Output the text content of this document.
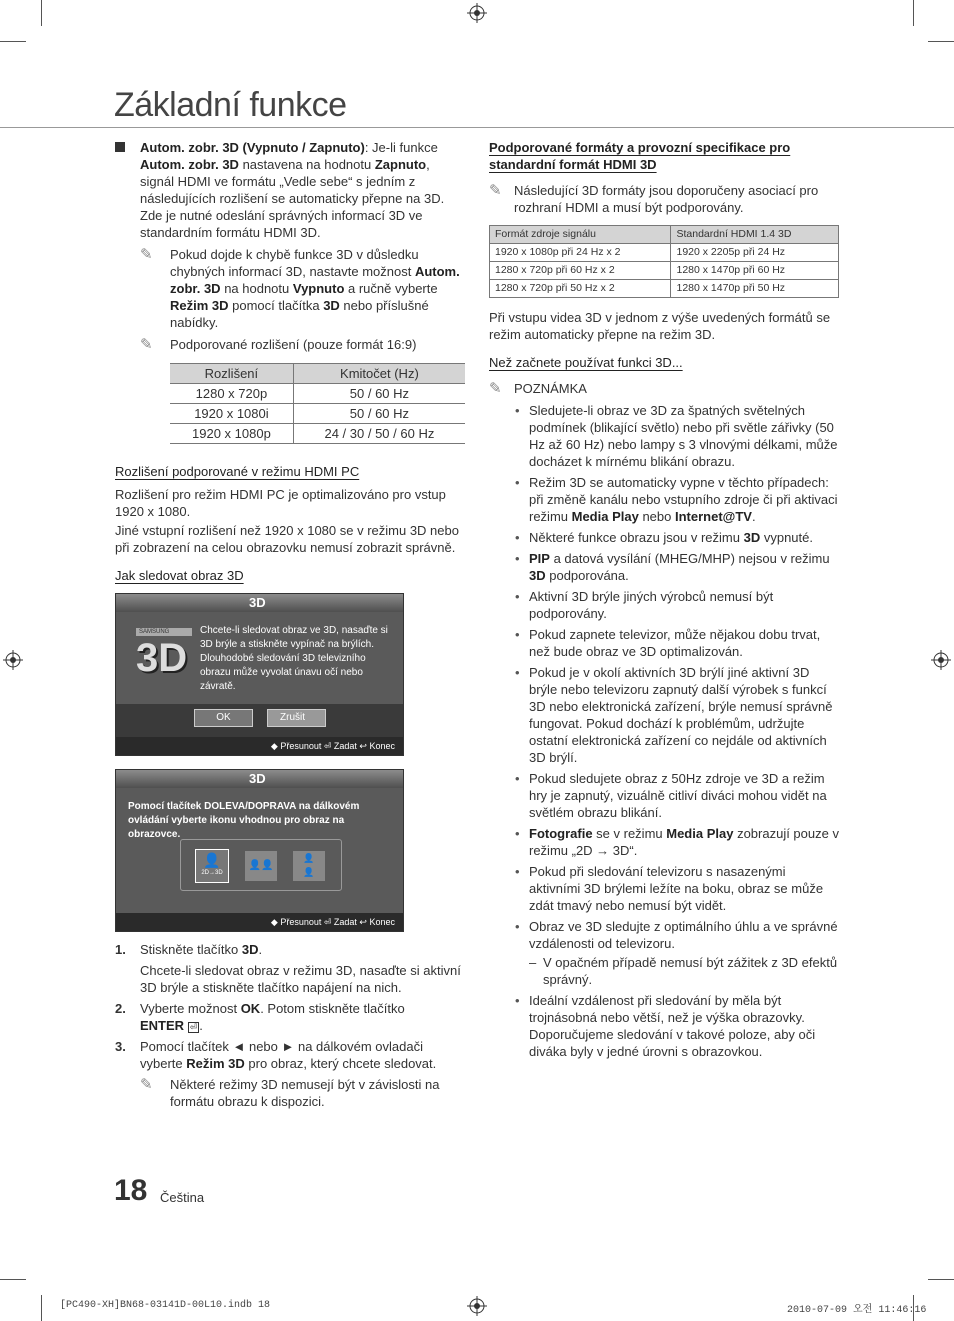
Základní funkce
Autom. zobr. 3D (Vypnuto / Zapnuto): Je-li funkce Autom. zobr. 3D nastavena na hodnotu Zapnuto, signál HDMI ve formátu „Vedle sebe“ s jedním z následujících rozlišení se automaticky přepne na 3D. Zde je nutné odeslání správných informací 3D ve standardním formátu HDMI 3D.
✎ Pokud dojde k chybě funkce 3D v důsledku chybných informací 3D, nastavte možnost Autom. zobr. 3D na hodnotu Vypnuto a ručně vyberte Režim 3D pomocí tlačítka 3D nebo příslušné nabídky.
✎ Podporované rozlišení (pouze formát 16:9)
Rozlišení	Kmitočet (Hz)
1280 x 720p	50 / 60 Hz
1920 x 1080i	50 / 60 Hz
1920 x 1080p	24 / 30 / 50 / 60 Hz

Rozlišení podporované v režimu HDMI PC

Rozlišení pro režim HDMI PC je optimalizováno pro vstup 1920 x 1080.

Jiné vstupní rozlišení než 1920 x 1080 se v režimu 3D nebo při zobrazení na celou obrazovku nemusí zobrazit správně.

Jak sledovat obraz 3D

3D
SAMSUNG
3D
Chcete-li sledovat obraz ve 3D, nasaďte si 3D brýle a stiskněte vypínač na brýlích. Dlouhodobé sledování 3D televizního obrazu může vyvolat únavu očí nebo závratě.
OK	Zrušit
◆ Přesunout ⏎ Zadat ↩ Konec
3D
Pomocí tlačítek DOLEVA/DOPRAVA na dálkovém ovládání vyberte ikonu vhodnou pro obraz na obrazovce.
👤
2D→3D
👤👤
👤
👤
◆ Přesunout ⏎ Zadat ↩ Konec
1. Stiskněte tlačítko 3D.
Chcete-li sledovat obraz v režimu 3D, nasaďte si aktivní 3D brýle a stiskněte tlačítko napájení na nich.
2. Vyberte možnost OK. Potom stiskněte tlačítko
ENTER ⏎ .
3. Pomocí tlačítek ◄ nebo ► na dálkovém ovladači vyberte Režim 3D pro obraz, který chcete sledovat.
✎ Některé režimy 3D nemusejí být v závislosti na formátu obrazu k dispozici.

Podporované formáty a provozní specifikace pro standardní formát HDMI 3D

✎ Následující 3D formáty jsou doporučeny asociací pro rozhraní HDMI a musí být podporovány.
Formát zdroje signálu	Standardní HDMI 1.4 3D
1920 x 1080p při 24 Hz x 2	1920 x 2205p při 24 Hz
1280 x 720p při 60 Hz x 2	1280 x 1470p při 60 Hz
1280 x 720p při 50 Hz x 2	1280 x 1470p při 50 Hz

Při vstupu videa 3D v jednom z výše uvedených formátů se režim automaticky přepne na režim 3D.

Než začnete používat funkci 3D...

✎ POZNÁMKA
• Sledujete-li obraz ve 3D za špatných světelných podmínek (blikající světlo) nebo při světle zářivky (50 Hz až 60 Hz) nebo lampy s 3 vlnovými délkami, může docházet k mírnému blikání obrazu.
• Režim 3D se automaticky vypne v těchto případech: při změně kanálu nebo vstupního zdroje či při aktivaci režimu Media Play nebo Internet@TV.
• Některé funkce obrazu jsou v režimu 3D vypnuté.
• PIP a datová vysílání (MHEG/MHP) nejsou v režimu 3D podporována.
• Aktivní 3D brýle jiných výrobců nemusí být podporovány.
• Pokud zapnete televizor, může nějakou dobu trvat, než bude obraz ve 3D optimalizován.
• Pokud je v okolí aktivních 3D brýlí jiné aktivní 3D brýle nebo televizoru zapnutý další výrobek s funkcí 3D nebo elektronická zařízení, brýle nemusí správně fungovat. Pokud dochází k problémům, udržujte ostatní elektronická zařízení co nejdále od aktivních 3D brýlí.
• Pokud sledujete obraz z 50Hz zdroje ve 3D a režim hry je zapnutý, vizuálně citliví diváci mohou vidět na světlém obrazu blikání.
• Fotografie se v režimu Media Play zobrazují pouze v režimu „2D → 3D“.
• Pokud při sledování televizoru s nasazenými aktivními 3D brýlemi ležíte na boku, obraz se může zdát tmavý nebo nemusí být vidět.
• Obraz ve 3D sledujte z optimálního úhlu a ve správné vzdálenosti od televizoru.
– V opačném případě nemusí být zážitek z 3D efektů správný.
• Ideální vzdálenost při sledování by měla být trojnásobná nebo větší, než je výška obrazovky. Doporučujeme sledování v takové poloze, aby oči diváka byly v jedné úrovni s obrazovkou.
18 Čeština
[PC490-XH]BN68-03141D-00L10.indb 18	2010-07-09 오전 11:46:16
